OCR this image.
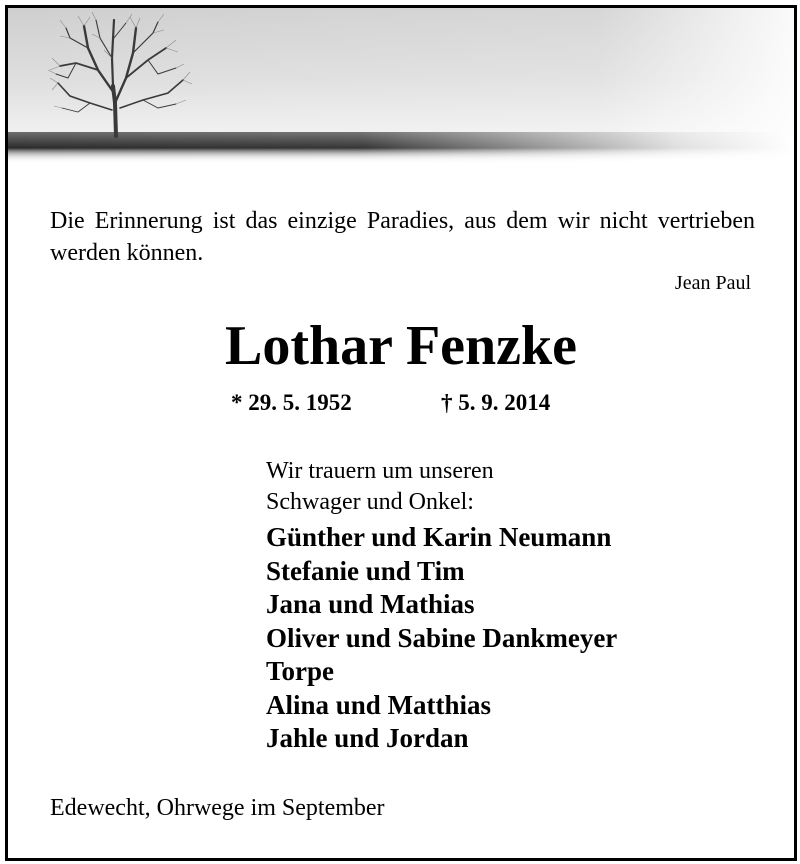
Die Erinnerung ist das einzige Paradies, aus dem wir nicht vertrieben werden können.
Jean Paul
Lothar Fenzke
* 29. 5. 1952	† 5. 9. 2014
Wir trauern um unseren
Schwager und Onkel:
Günther und Karin Neumann
Stefanie und Tim
Jana und Mathias
Oliver und Sabine Dankmeyer
Torpe
Alina und Matthias
Jahle und Jordan
Edewecht, Ohrwege im September
